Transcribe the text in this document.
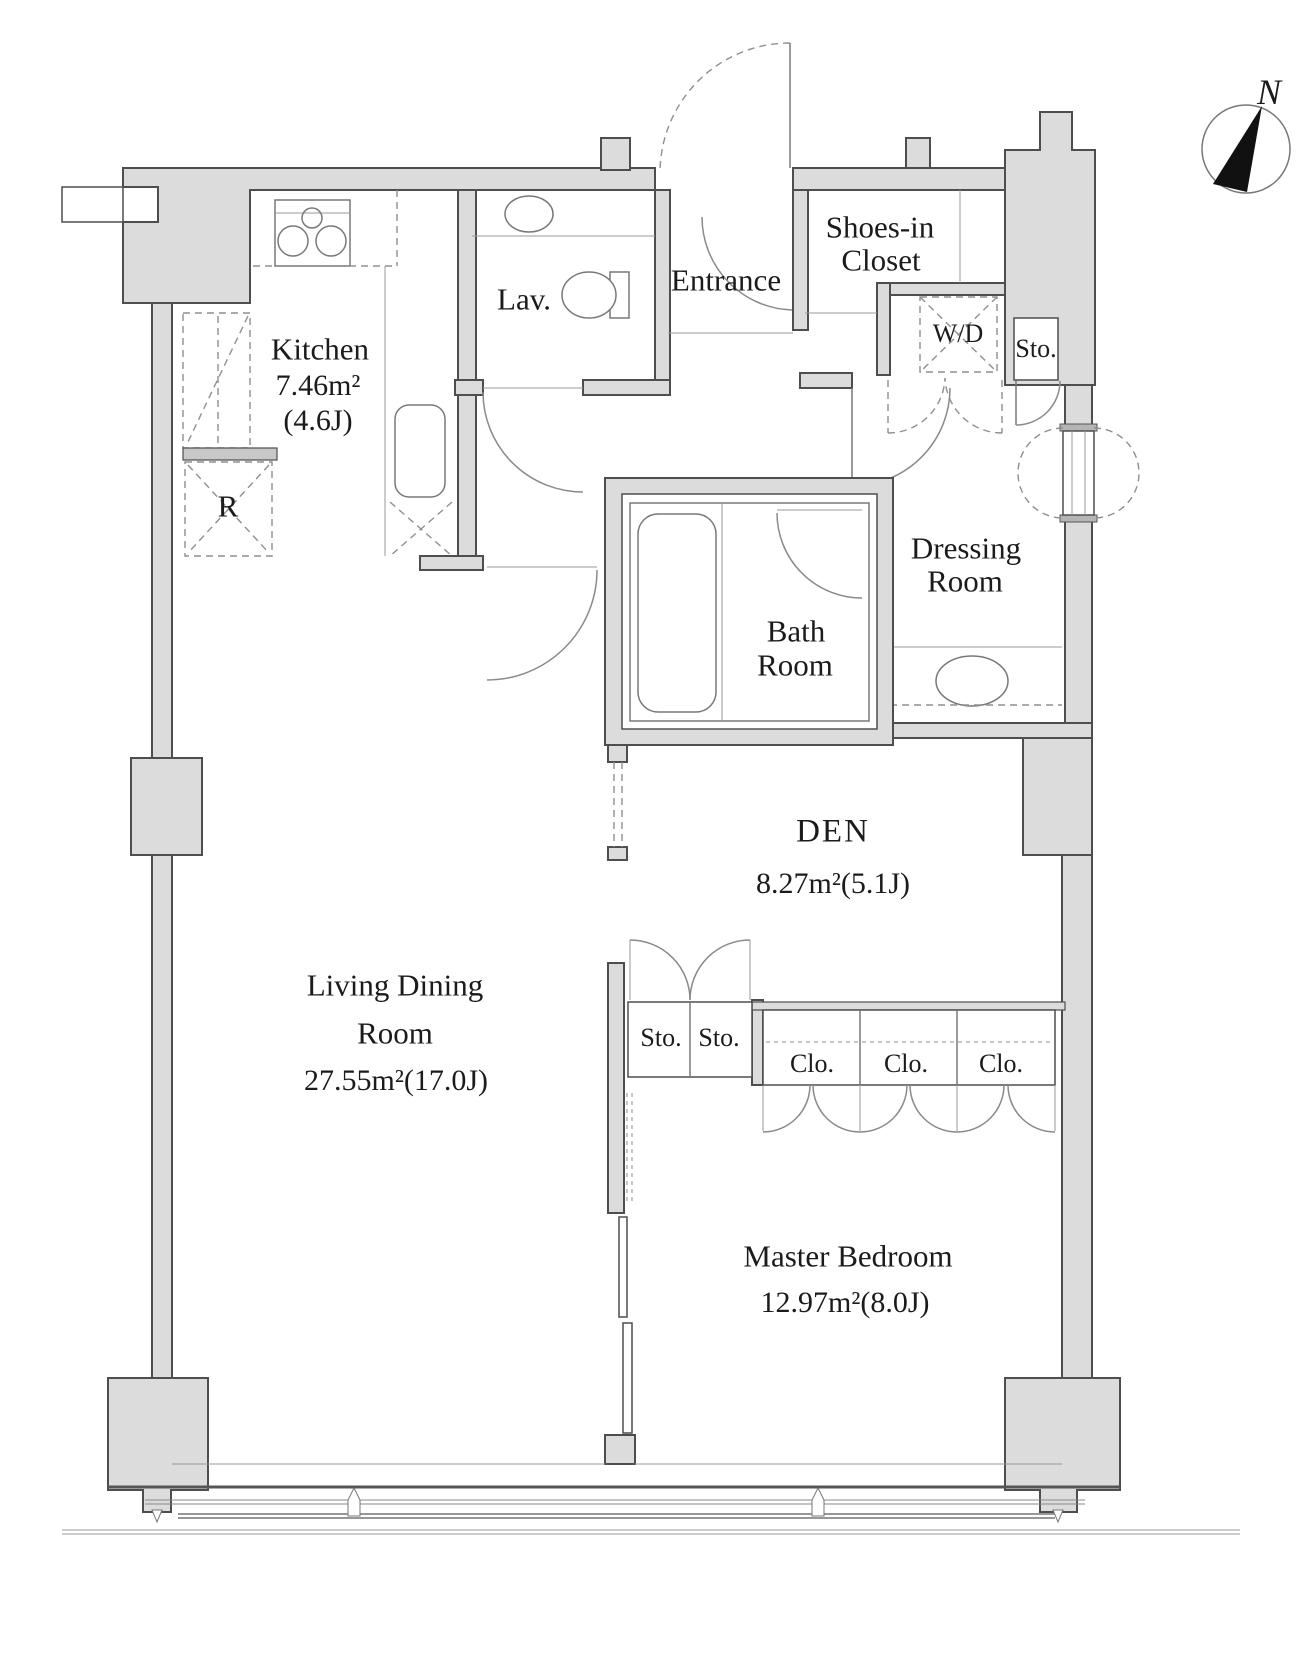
Kitchen
7.46m²
(4.6J)
R
Lav.
Entrance
Shoes-in
Closet
W/D
Sto.
Dressing
Room
Bath
Room
DEN
8.27m²(5.1J)
Living Dining
Room
27.55m²(17.0J)
Sto. Sto.
Clo. Clo. Clo.
Master Bedroom
12.97m²(8.0J)
N
